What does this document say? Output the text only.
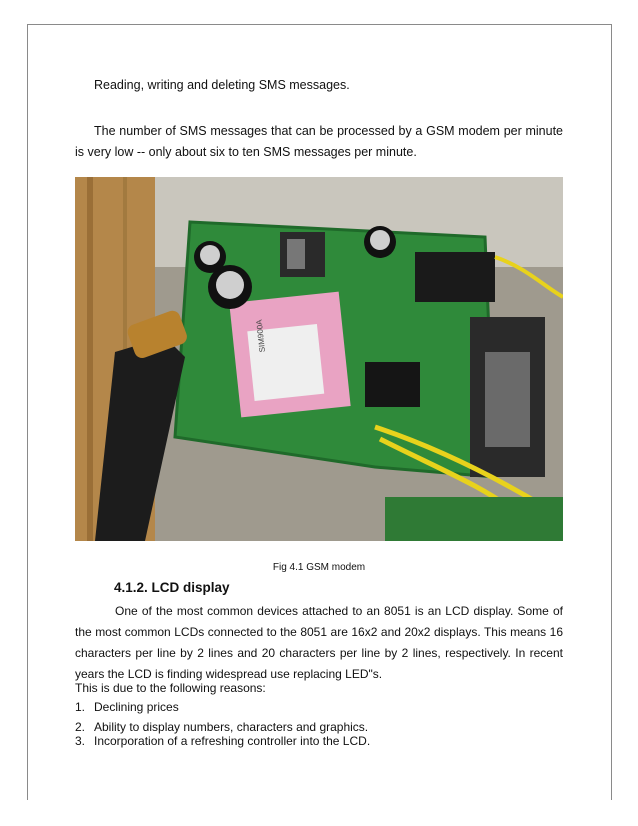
Reading, writing and deleting SMS messages.
The number of SMS messages that can be processed by a GSM modem per minute is very low -- only about six to ten SMS messages per minute.
SIM900A
Fig 4.1 GSM modem
4.1.2. LCD display
One of the most common devices attached to an 8051 is an LCD display. Some of the most common LCDs connected to the 8051 are 16x2 and 20x2 displays. This means 16 characters per line by 2 lines and 20 characters per line by 2 lines, respectively. In recent years the LCD is finding widespread use replacing LED"s.
This is due to the following reasons:
1. Declining prices
2. Ability to display numbers, characters and graphics.
3. Incorporation of a refreshing controller into the LCD.
